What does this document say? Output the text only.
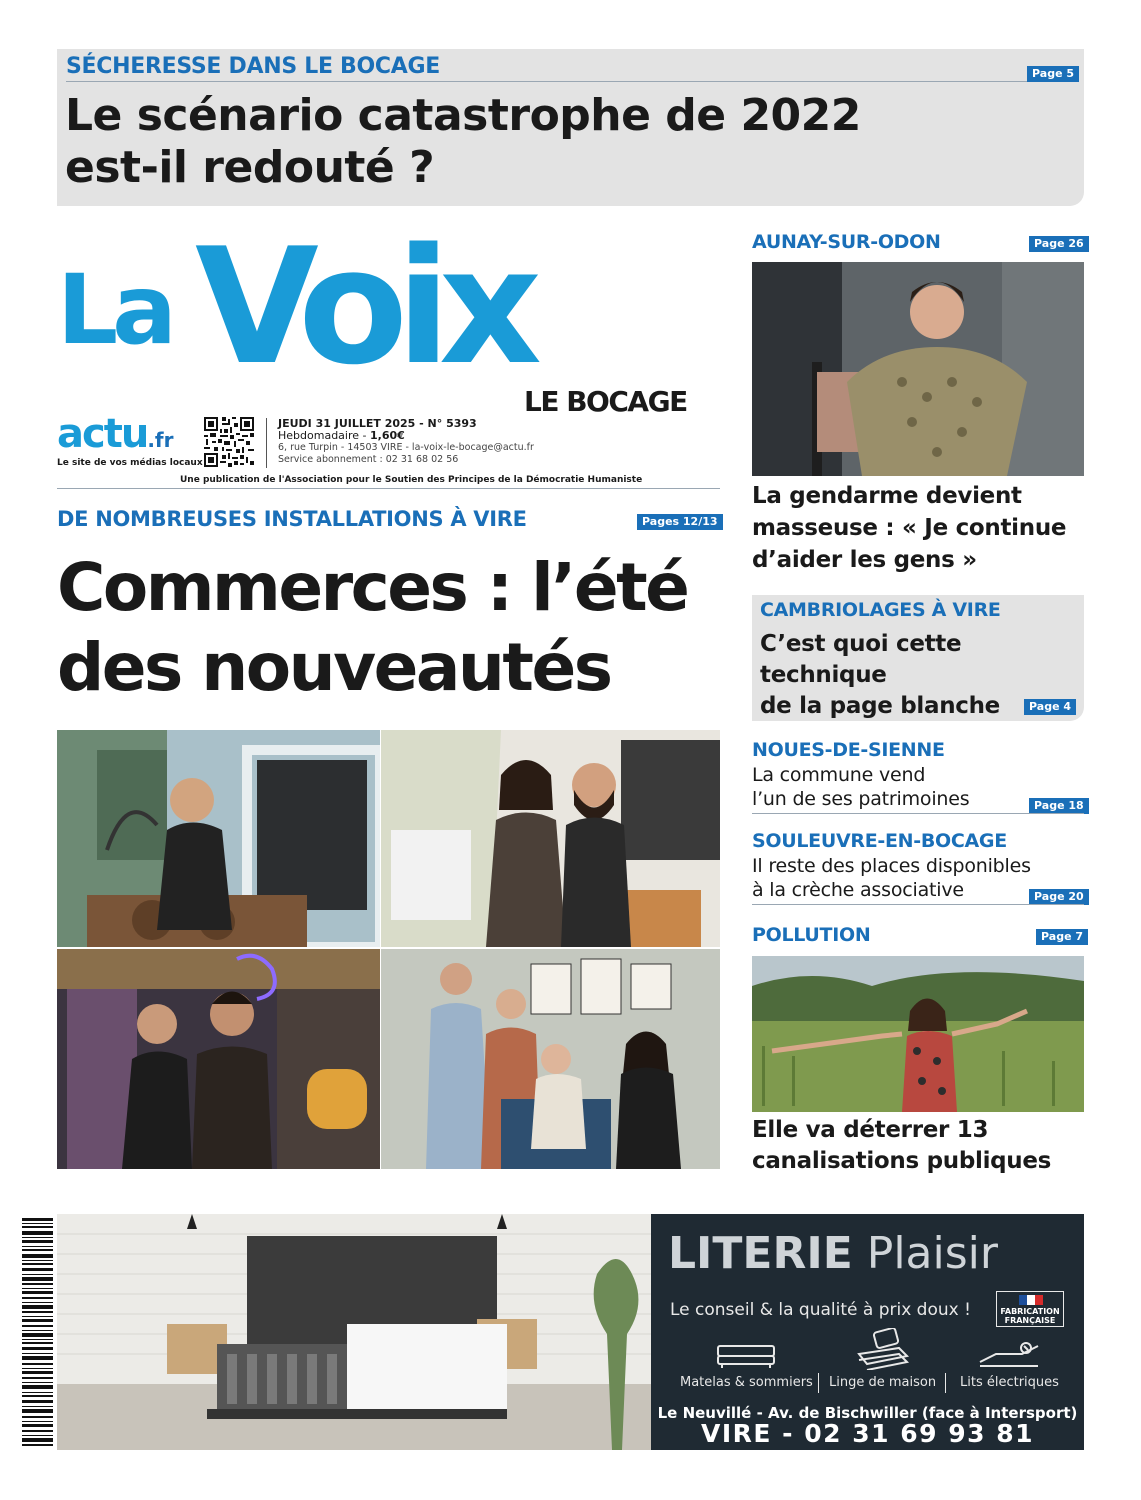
SÉCHERESSE DANS LE BOCAGE	Page 5
Le scénario catastrophe de 2022
est-il redouté ?
La Voix
LE BOCAGE
actu.fr
Le site de vos médias locaux
JEUDI 31 JUILLET 2025 - N° 5393
Hebdomadaire - 1,60€
6, rue Turpin - 14503 VIRE - la-voix-le-bocage@actu.fr
Service abonnement : 02 31 68 02 56
Une publication de l'Association pour le Soutien des Principes de la Démocratie Humaniste
DE NOMBREUSES INSTALLATIONS À VIRE	Pages 12/13
Commerces : l’été
des nouveautés
AUNAY-SUR-ODON	Page 26
La gendarme devient
masseuse : « Je continue
d’aider les gens »
CAMBRIOLAGES À VIRE
C’est quoi cette technique
de la page blanche	Page 4
NOUES-DE-SIENNE
La commune vend
l’un de ses patrimoines	Page 18
SOULEUVRE-EN-BOCAGE
Il reste des places disponibles
à la crèche associative	Page 20
POLLUTION	Page 7
Elle va déterrer 13
canalisations publiques
LITERIE Plaisir
Le conseil & la qualité à prix doux !	FABRICATION
FRANÇAISE
Matelas & sommiers Linge de maison Lits électriques
Le Neuvillé - Av. de Bischwiller (face à Intersport)
VIRE - 02 31 69 93 81
